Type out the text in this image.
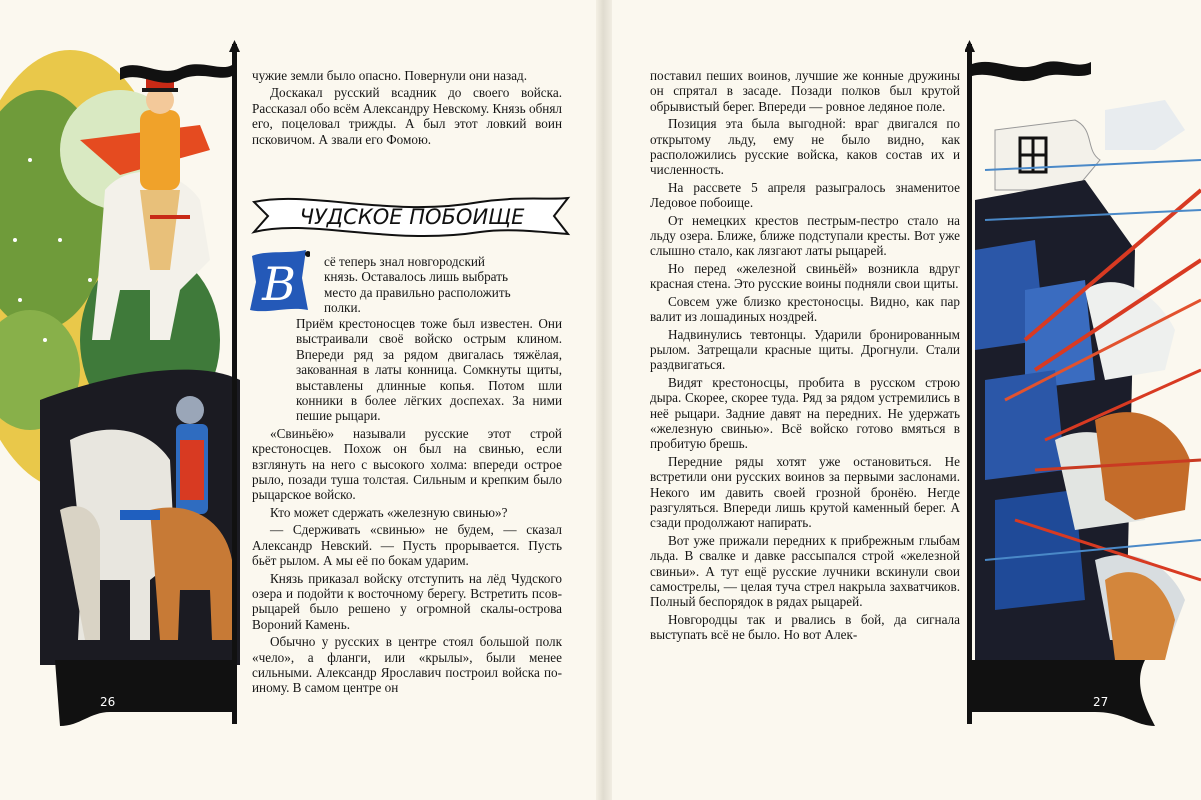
чужие земли было опасно. Повернули они назад.

Доскакал русский всадник до своего войска. Рассказал обо всём Александру Невскому. Князь обнял его, поцеловал трижды. А был этот ловкий воин псковичом. А звали его Фомою.

ЧУДСКОЕ ПОБОИЩЕ
В сё теперь знал новгородский

князь. Оставалось лишь выбрать

место да правильно расположить

полки.

Приём крестоносцев тоже был известен. Они выстраивали своё войско острым клином. Впереди ряд за рядом двигалась тяжёлая, закованная в латы конница. Сомкнуты щиты, выставлены длинные копья. Потом шли конники в более лёгких доспехах. За ними пешие рыцари.

«Свиньёю» называли русские этот строй крестоносцев. Похож он был на свинью, если взглянуть на него с высокого холма: впереди острое рыло, позади туша толстая. Сильным и крепким было рыцарское войско.

Кто может сдержать «железную свинью»?

— Сдерживать «свинью» не будем, — сказал Александр Невский. — Пусть прорывается. Пусть бьёт рылом. А мы её по бокам ударим.

Князь приказал войску отступить на лёд Чудского озера и подойти к восточному берегу. Встретить псов-рыцарей было решено у огромной скалы-острова Вороний Камень.

Обычно у русских в центре стоял большой полк «чело», а фланги, или «крылы», были менее сильными. Александр Ярославич построил войска по-иному. В самом центре он

26

поставил пеших воинов, лучшие же конные дружины он спрятал в засаде. Позади полков был крутой обрывистый берег. Впереди — ровное ледяное поле.

Позиция эта была выгодной: враг двигался по открытому льду, ему не было видно, как расположились русские войска, каков состав их и численность.

На рассвете 5 апреля разыгралось знаменитое Ледовое побоище.

От немецких крестов пестрым-пестро стало на льду озера. Ближе, ближе подступали кресты. Вот уже слышно стало, как лязгают латы рыцарей.

Но перед «железной свиньёй» возникла вдруг красная стена. Это русские воины подняли свои щиты.

Совсем уже близко крестоносцы. Видно, как пар валит из лошадиных ноздрей.

Надвинулись тевтонцы. Ударили бронированным рылом. Затрещали красные щиты. Дрогнули. Стали раздвигаться.

Видят крестоносцы, пробита в русском строю дыра. Скорее, скорее туда. Ряд за рядом устремились в неё рыцари. Задние давят на передних. Не удержать «железную свинью». Всё войско готово вмяться в пробитую брешь.

Передние ряды хотят уже остановиться. Не встретили они русских воинов за первыми заслонами. Некого им давить своей грозной бронёю. Негде разгуляться. Впереди лишь крутой каменный берег. А сзади продолжают напирать.

Вот уже прижали передних к прибрежным глыбам льда. В свалке и давке рассыпался строй «железной свиньи». А тут ещё русские лучники вскинули свои самострелы, — целая туча стрел накрыла захватчиков. Полный беспорядок в рядах рыцарей.

Новгородцы так и рвались в бой, да сигнала выступать всё не было. Но вот Алек-

27
